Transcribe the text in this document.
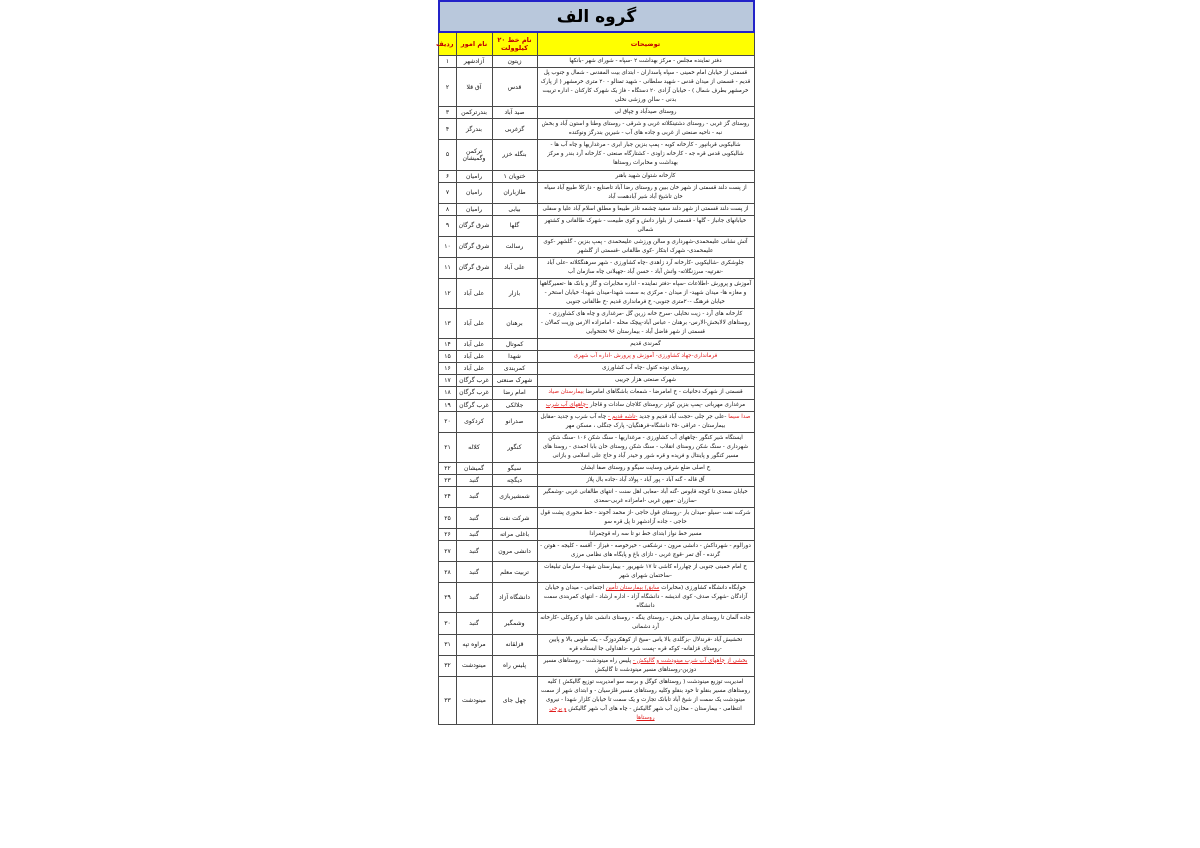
گروه الف			
توضیحات	نام خط ۲۰ کیلوولت	نام امور	ردیف
دفتر نماینده مجلس - مرکز بهداشت ۲ -سپاه - شورای شهر -بانکها	زیتون	آزادشهر	۱
قسمتی از خیابان امام خمینی - سپاه پاسداران - ابتدای بیت المقدس - شمال و جنوب پل قدیم - قسمتی از میدان قدس - شهید سلطانی - شهید تمنالو - ۲۰ متری خرمشهر ( از پارک خرمشهر بطرف شمال ) - خیابان آزادی ۲۰ دستگاه - فاز یک شهرک کارکنان - اداره تربیت بدنی - سالن ورزشی نخلی	قدس	آق قلا	۲
روستای صیدآباد و چپاق لی	صید آباد	بندرترکمن	۳
روستای گز غربی - روستای دشتینکلاته غربی و شرقی - روستای وطنا و استون آباد و بخش نبه - ناحیه صنعتی از غربی و جاده های آب - شیرین بندرگز ونوکنده	گزغربی	بندرگز	۴
شالیکوبی قربانپور - کارخانه کوبه - پمپ بنزین جبار ابری - مرغداریها و چاه آب ها - شالیکوبی قدس قره جه - کارخانه زاودی - کشتارگاه صنعتی - کارخانه آرد بندر و مرکز بهداشت و مخابرات روستاها	بنگله خزر	ترکمن وگمیشان	۵
کارخانه شتوان شهید باهنر	ختویان ۱	رامیان	۶
از پست دلند قسمتی از شهر خان ببین و روستای رضا آباد تاصنایع - دارکلا طبیع آباد سیاه خان تاشیخ آباد شیر آبادهمت آباد	طازباران	رامیان	۷
از پست دلند قسمتی از شهر دلند سفید چشمه تاذر طبیعا و مطلق اسلام آباد علیا و سفلی	بیابی	رامیان	۸
خیابانهای جانباز - گلها - قسمتی از بلوار دانش و کوی طبیعت - شهرک طالقانی و کشتهر شمالی	گلها	شرق گرگان	۹
آتش نشانی علیمحمدی-شهرداری و سالن ورزشی علیمحمدی - پمپ بنزین - گلشهر -کوی علیمحمدی- شهرک ابتکار -کوی طالقانی -قسمتی از گلشهر	رسالت	شرق گرگان	۱۰
جلوشکری -شالیکوبی -کارخانه آرد زاهدی -چاه کشاورزی - شهر سرهنگکلاته -علی آباد -نقرتپه- سرزنگلاته- واتش آباد - حسن آباد -جهیلانی چاه سازمان آب	علی آباد	شرق گرگان	۱۱
آموزش و پرورش -اطلاعات -سپاه -دفتر نماینده - اداره مخابرات و گاز و بانک ها -تعمیرگاهها و مغازه ها- میدان شهید- از میدان - مرکزی به سمت شهدا-میدان شهدا- خیابان استخر - خیابان فرهنگ -۲۰متری جنوبی- خ فرمانداری قدیم -خ طالقانی جنوبی	بازار	علی آباد	۱۲
کارخانه های آرد - زیت نخایلی -سرخ خانه زرین گل -مرغداری و چاه های کشاورزی - روستاهای لالابخش-الارس- برهنان - عباس آباد-پیچک محله - امامزاده الارس وزیت کمالان - قسمتی از شهر فاضل آباد - بیمارستان ۹۶ تختخوابی	برهنان	علی آباد	۱۳
گمرندی قدیم	کموتال	علی آباد	۱۴
فرمانداری-جهاد کشاورزی- آموزش و پرورش -اداره آب شهری	شهدا	علی آباد	۱۵
روستای نوده کتول -چاه آب کشاورزی	کمربندی	علی آباد	۱۶
شهرک صنعتی هزار جریبی	شهرک صنعتی	غرب گرگان	۱۷
قسمتی از شهرک دخانیات - خ امامرضا - شمعات باشگاهای امامرضا بیمارستان صیاد	امام رضا	غرب گرگان	۱۸
مرغداری مهربانی -پمپ بنزین کوثر -روستای کلاجان سادات و قاجار -چاههای آب شرب	جلالکی	غرب گرگان	۱۹
صدا سیما -علی جر جلی -حجت آباد قدیم و جدید -تاشه قدیم - چاه آب شرب و جدید -مقابل بیمارستان - عراقی -۲۵ دانشگاه-فرهنگیان- پارک جنگلی ، مسکن مهر	صدرانو	کردکوی	۲۰
ایستگاه شیر کنگور -چاههای آب کشاورزی - مرغداریها - سنگ شکن ۱۰۶ -سنگ شکن شهرداری - سنگ شکن روستای انقلاب - سنگ شکن روستای خان بابا احمدی - روستا های مسیر کنگور و پاینتال و فریده و قره شور و حیدر آباد و حاج علی اسلامی و بازانی	کنگور	کلاله	۲۱
خ اصلی ضلع شرقی وسایت سیگو و روستای صفا ایشان	سیگو	گمیشان	۲۲
آق قاله - گنه آباد - پور آباد - پولاد آباد -جاده بال پلاز	دیگچه	گنبد	۲۳
خیابان سعدی تا کوچه قابوس -گنه آباد -معابی اهل سنت - انتهای طالقانی غربی -وشمگیر -سازران -میهن غربی -امامزاده غربی-سعدی	شمشیربازی	گنبد	۲۴
شرکت نفت -سیلو -میدان بار -روستای قول حاجی -از محمد آخوند - خط محوری پشت قول حاجی - جاده آزادشهر تا پل قره سو	شرکت نفت	گنبد	۲۵
مسیر خط نواز ابتدای خط نو تا سه راه قوچمرادا	باغلی مراته	گنبد	۲۶
دورالوم - شهرداکش - دانشی مرون - نرشکفی - خیرخوصه - فیزاز - آقسه - کلیجه - هوتن - گرنده - آق تمر -قوچ غربی - تازای باغ و پایگاه های نظامی مرزی	دانشی مرون	گنبد	۲۷
خ امام خمینی جنوبی از چهارراه کاشی تا ۱۷ شهریور - بیمارستان شهدا- سازمان تبلیغات -ساختمان شهرای شهر	تربیت معلم	گنبد	۲۸
خوابگاه دانشگاه کشاورزی (مخابرات سابق) بیمارستان تأمین اجتماعی - میدان و خیابان آزادگان -شهرک صدف- کوی اندیشه - دانشگاه آزاد - اداره ارشاد - انتهای کمربندی سمت دانشگاه	دانشگاه آزاد	گنبد	۲۹
جاده آلمان تا روستای سارلی بخش - روستای ینگه - روستای دانشی علیا و کروکلی -کارخانه آرد دشمانی	وشمگیر	گنبد	۳۰
تخشیش آباد -فرندلال -بزگلدی بالا یاس -سیخ از کوهکردوزگ - یکه طوس بالا و پایین -روستای قزلقانه- کوکه قره -پست شره -داهداولی جا ایستاده قره	قزلقانه	مراوه تپه	۳۱
بخشی از چاههای آب شرب مینودشت و گالیکش - پلیس راه مینودشت - روستاهای مسیر دوزین-روستاهای مسیر مینودشت تا گالیکش	پلیس راه	مینودشت	۳۲
امدیریت توزیع مینودشت ( روستاهای کوگل و برسه سو امدیریت توزیع گالیکش ) کلیه روستاهای مسیر بنقلو تا خود بنقلو وکلیه روستاهای مسیر قلزسیان - و ابتدای شهر از سمت مینودشت یک سمت از شیخ آباد تابانک تجارت و یک سمت تا خیابان کلزار شهدا - نیروی انتظامی - بیمارستان - مخازن آب شهر گالیکش - چاه های آب شهر گالیکش و برخی روستاها	چهل جای	مینودشت	۳۳
